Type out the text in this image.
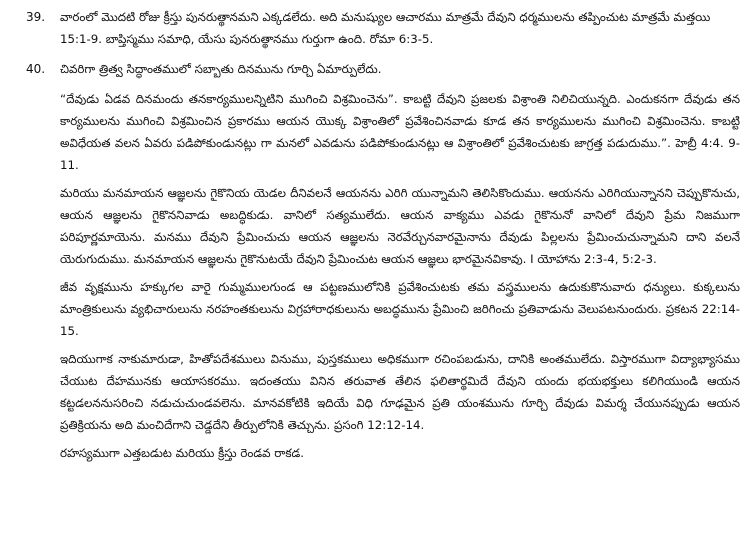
39.	వారంలో మొదటి రోజు క్రీస్తు పునరుత్థానమని ఎక్కడలేదు. అది మనుష్యుల ఆచారము మాత్రమే దేవుని ధర్మములను తప్పించుట మాత్రమే మత్తయి 15:1-9. బాప్తిస్మము సమాధి, యేసు పునరుత్థానము గుర్తుగా ఉంది. రోమా 6:3-5.
40.	చివరిగా త్రిత్వ సిద్ధాంతములో సబ్బాతు దినమును గూర్చి ఏమార్పులేదు.

“దేవుడు ఏడవ దినమందు తనకార్యములన్నిటిని ముగించి విశ్రమించెను”. కాబట్టి దేవుని ప్రజలకు విశ్రాంతి నిలిచియున్నది. ఎందుకనగా దేవుడు తన కార్యములను ముగించి విశ్రమించిన ప్రకారము ఆయన యొక్క విశ్రాంతిలో ప్రవేశించినవాడు కూడ తన కార్యములను ముగించి విశ్రమించెను. కాబట్టి అవిధేయత వలన ఏవరు పడిపోకుండునట్లు గా మనలో ఎవడును పడిపోకుండునట్లు ఆ విశ్రాంతిలో ప్రవేశించుటకు జాగ్రత్త పడుదుము.”. హెబ్రీ 4:4. 9-11.

మరియు మనమాయన ఆజ్ఞలను గైకొనియ యెడల దీనివలనే ఆయనను ఎరిగి యున్నామని తెలిసికొందుము. ఆయనను ఎరిగియున్నానని చెప్పుకొనుచు, ఆయన ఆజ్ఞలను గైకొననివాడు అబద్ధికుడు. వానిలో సత్యములేదు. ఆయన వాక్యము ఎవడు గైకొనునో వానిలో దేవుని ప్రేమ నిజముగా పరిపూర్ణమాయెను. మనము దేవుని ప్రేమించుచు ఆయన ఆజ్ఞలను నెరవేర్చునవారమైనాను దేవుడు పిల్లలను ప్రేమించుచున్నామని దాని వలనే యెరుగుదుము. మనమాయన ఆజ్ఞలను గైకొనుటయే దేవుని ప్రేమించుట ఆయన ఆజ్ఞలు భారమైనవికావు. I యోహాను 2:3-4, 5:2-3.

జీవ వృక్షమును హక్కుగల వారై గుమ్మములగుండ ఆ పట్టణములోనికి ప్రవేశించుటకు తమ వస్త్రములను ఉదుకుకొనువారు ధన్యులు. కుక్కలును మాంత్రికులును వ్యభిచారులును నరహంతకులును విగ్రహారాధకులును అబద్ధమును ప్రేమించి జరిగించు ప్రతివాడును వెలుపటనుందురు. ప్రకటన 22:14-15.

ఇదియుగాక నాకుమారుడా, హితోపదేశములు వినుము, పుస్తకములు అధికముగా రచింపబడును, దానికి అంతములేదు. విస్తారముగా విద్యాభ్యాసము చేయుట దేహమునకు ఆయాసకరము. ఇదంతయు వినిన తరువాత తేలిన ఫలితార్థమిదే దేవుని యందు భయభక్తులు కలిగియుండి ఆయన కట్టడలననుసరించి నడుచుచుండవలెను. మానవకోటికి ఇదియే విధి గూఢమైన ప్రతి యంశమును గూర్చి దేవుడు విమర్శ చేయునప్పుడు ఆయన ప్రతిక్రియను అది మంచిదేగాని చెడ్డదేని తీర్పులోనికి తెచ్చును. ప్రసంగి 12:12-14.

రహస్యముగా ఎత్తబడుట మరియు క్రీస్తు రెండవ రాకడ.
